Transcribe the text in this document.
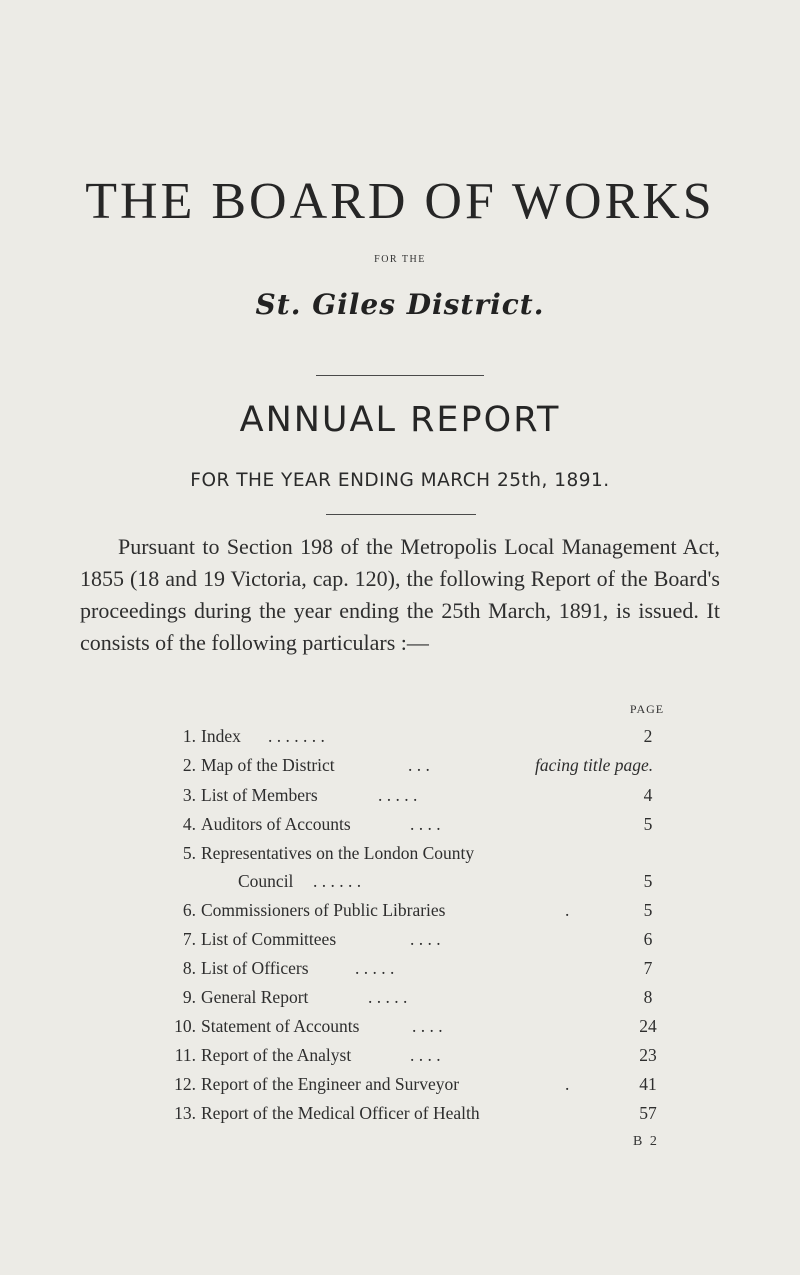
THE BOARD OF WORKS
FOR THE
St. Giles District.
ANNUAL REPORT
FOR THE YEAR ENDING MARCH 25th, 1891.
Pursuant to Section 198 of the Metropolis Local Management Act, 1855 (18 and 19 Victoria, cap. 120), the following Report of the Board's proceedings during the year ending the 25th March, 1891, is issued. It consists of the following particulars :—
PAGE
1. Index . . . . . . .	2
2. Map of the District	. . .	facing title page.
3. List of Members	. . . . .	4
4. Auditors of Accounts	. . . .	5
5. Representatives on the London County
Council . . . . . .	5
6. Commissioners of Public Libraries	.	5
7. List of Committees	. . . .	6
8. List of Officers	. . . . .	7
9. General Report	. . . . .	8
10. Statement of Accounts	. . . .	24
11. Report of the Analyst	. . . .	23
12. Report of the Engineer and Surveyor	.	41
13. Report of the Medical Officer of Health	57
B 2
